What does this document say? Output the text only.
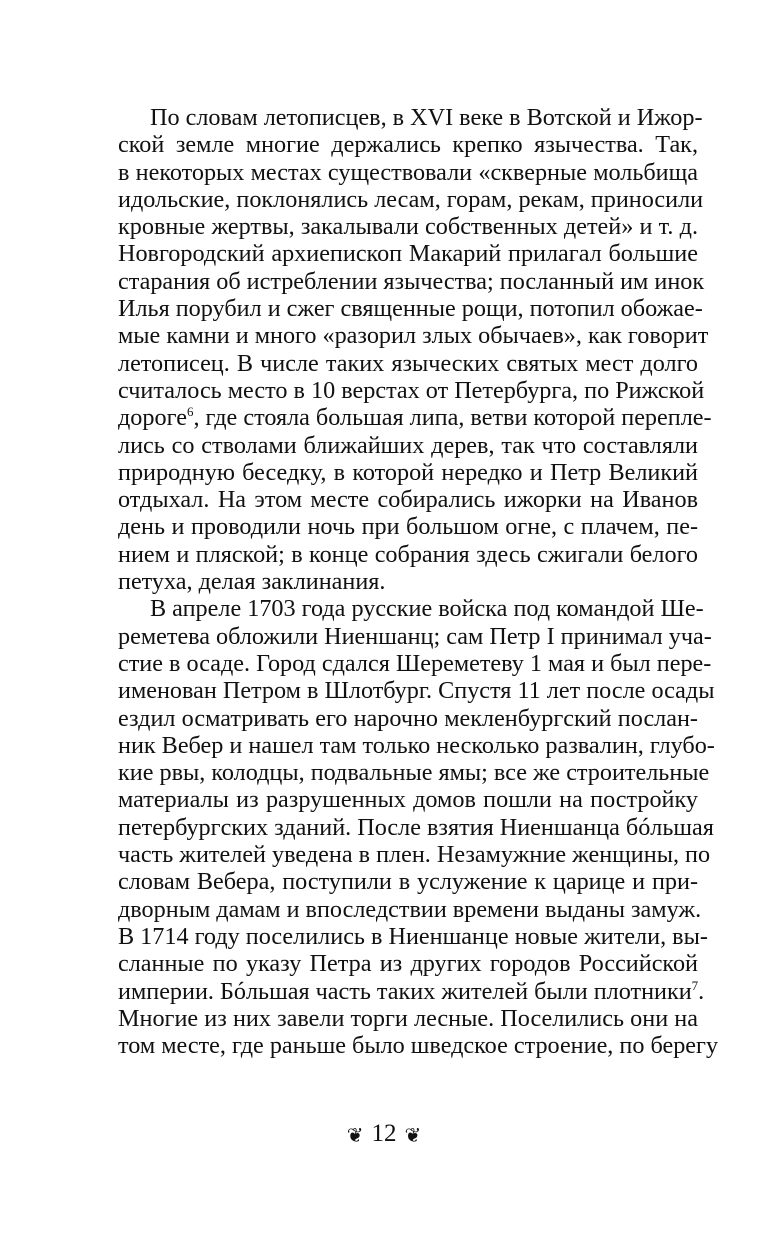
По словам летописцев, в XVI веке в Вотской и Ижор-
ской земле многие держались крепко язычества. Так,
в некоторых местах существовали «скверные мольбища
идольские, поклонялись лесам, горам, рекам, приносили
кровные жертвы, закалывали собственных детей» и т. д.
Новгородский архиепископ Макарий прилагал большие
старания об истреблении язычества; посланный им инок
Илья порубил и сжег священные рощи, потопил обожае-
мые камни и много «разорил злых обычаев», как говорит
летописец. В числе таких языческих святых мест долго
считалось место в 10 верстах от Петербурга, по Рижской
дороге$^6$, где стояла большая липа, ветви которой перепле-
лись со стволами ближайших дерев, так что составляли
природную беседку, в которой нередко и Петр Великий
отдыхал. На этом месте собирались ижорки на Иванов
день и проводили ночь при большом огне, с плачем, пе-
нием и пляской; в конце собрания здесь сжигали белого
петуха, делая заклинания.
В апреле 1703 года русские войска под командой Ше-
реметева обложили Ниеншанц; сам Петр I принимал уча-
стие в осаде. Город сдался Шереметеву 1 мая и был пере-
именован Петром в Шлотбург. Спустя 11 лет после осады
ездил осматривать его нарочно мекленбургский послан-
ник Вебер и нашел там только несколько развалин, глубо-
кие рвы, колодцы, подвальные ямы; все же строительные
материалы из разрушенных домов пошли на постройку
петербургских зданий. После взятия Ниеншанца бóльшая
часть жителей уведена в плен. Незамужние женщины, по
словам Вебера, поступили в услужение к царице и при-
дворным дамам и впоследствии времени выданы замуж.
В 1714 году поселились в Ниеншанце новые жители, вы-
сланные по указу Петра из других городов Российской
империи. Бóльшая часть таких жителей были плотники$^7$.
Многие из них завели торги лесные. Поселились они на
том месте, где раньше было шведское строение, по берегу
❦ 12 ❦
